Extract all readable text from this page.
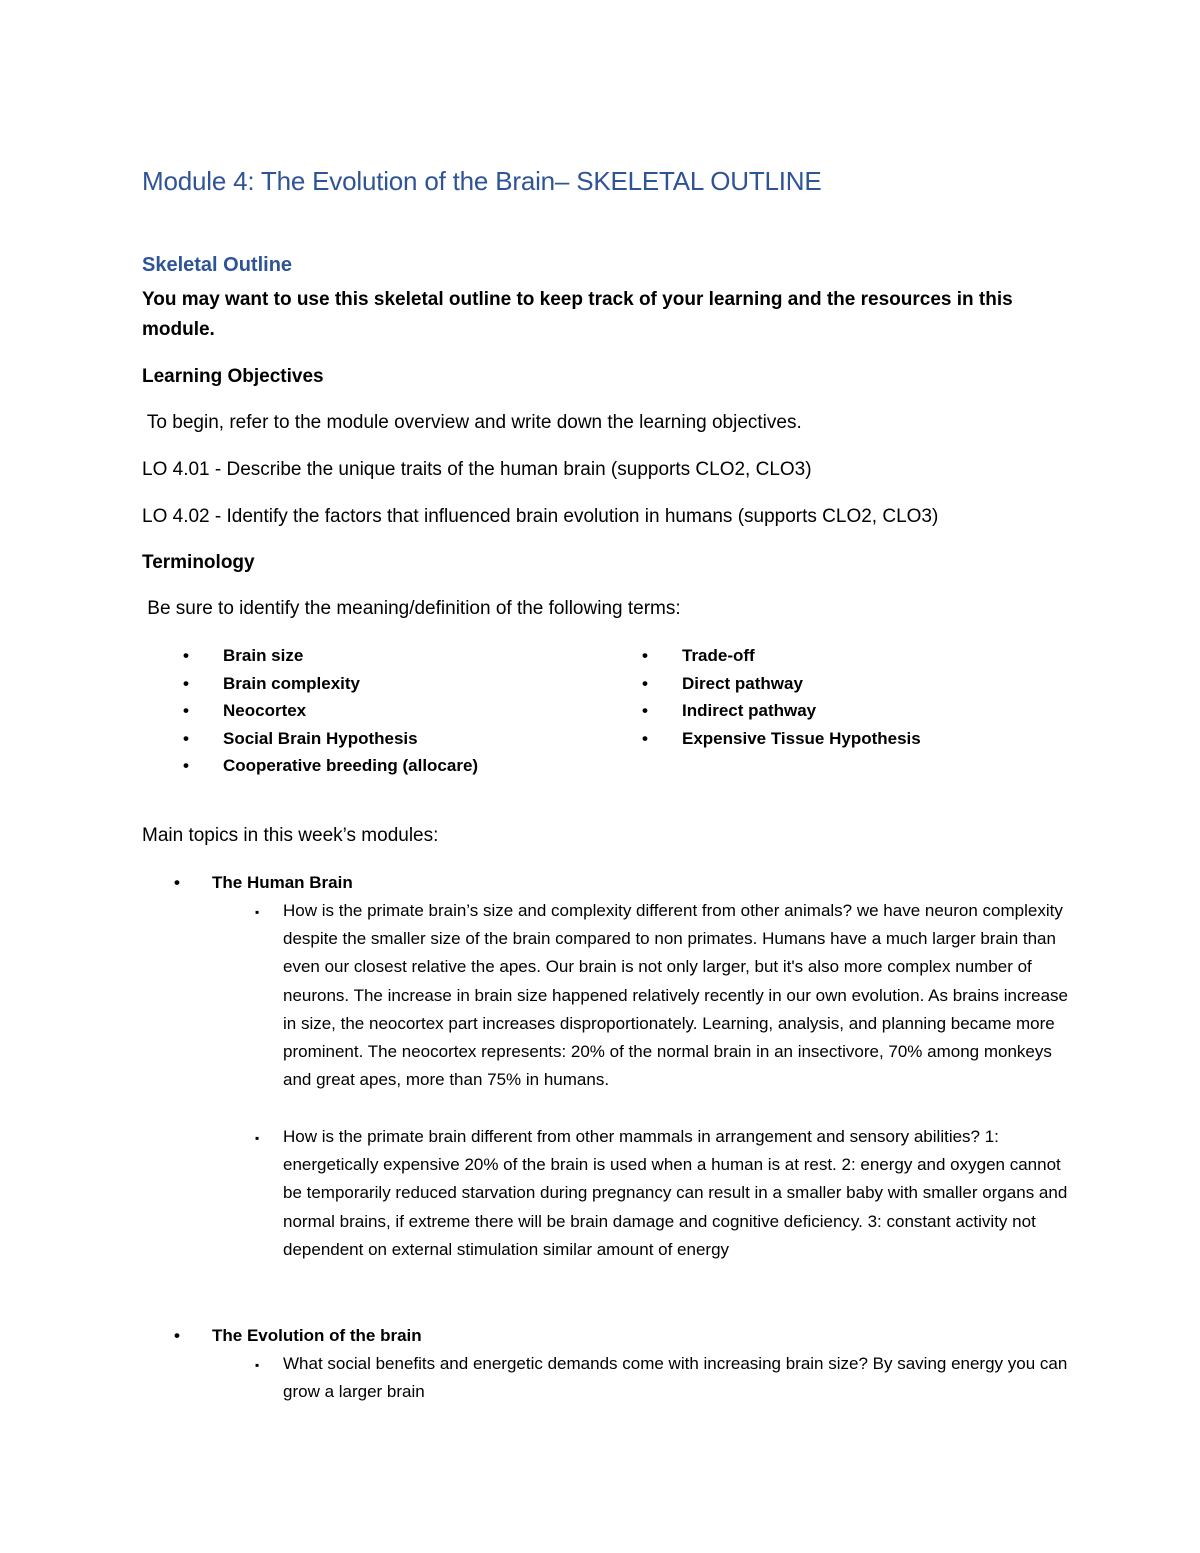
Module 4: The Evolution of the Brain– SKELETAL OUTLINE
Skeletal Outline

You may want to use this skeletal outline to keep track of your learning and the resources in this module.

Learning Objectives

To begin, refer to the module overview and write down the learning objectives.

LO 4.01 - Describe the unique traits of the human brain (supports CLO2, CLO3)

LO 4.02 - Identify the factors that influenced brain evolution in humans (supports CLO2, CLO3)

Terminology

Be sure to identify the meaning/definition of the following terms:

• Brain size
• Brain complexity
• Neocortex
• Social Brain Hypothesis
• Cooperative breeding (allocare)
• Trade-off
• Direct pathway
• Indirect pathway
• Expensive Tissue Hypothesis

Main topics in this week’s modules:

• The Human Brain
▪ How is the primate brain’s size and complexity different from other animals? we have neuron complexity despite the smaller size of the brain compared to non primates. Humans have a much larger brain than even our closest relative the apes. Our brain is not only larger, but it's also more complex number of neurons. The increase in brain size happened relatively recently in our own evolution. As brains increase in size, the neocortex part increases disproportionately. Learning, analysis, and planning became more prominent. The neocortex represents: 20% of the normal brain in an insectivore, 70% among monkeys and great apes, more than 75% in humans.

▪ How is the primate brain different from other mammals in arrangement and sensory abilities? 1: energetically expensive 20% of the brain is used when a human is at rest. 2: energy and oxygen cannot be temporarily reduced starvation during pregnancy can result in a smaller baby with smaller organs and normal brains, if extreme there will be brain damage and cognitive deficiency. 3: constant activity not dependent on external stimulation similar amount of energy

• The Evolution of the brain
▪ What social benefits and energetic demands come with increasing brain size? By saving energy you can grow a larger brain
